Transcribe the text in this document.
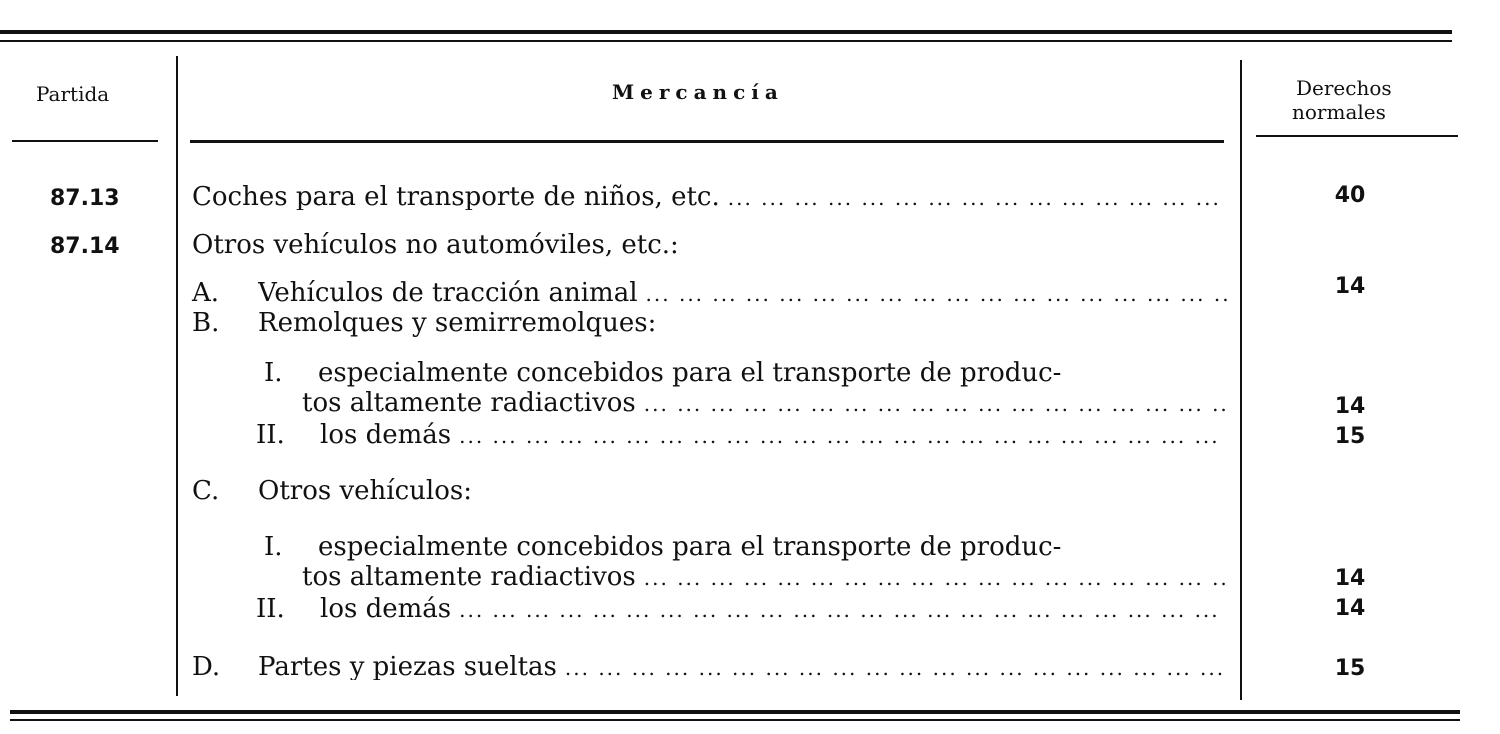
Partida	Mercancía	Derechos
normales
87.13	Coches para el transporte de niños, etc. ... .	40
87.14	Otros vehículos no automóviles, etc.:
A. Vehículos de tracción animal ... .	14
B. Remolques y semirremolques:
I. especialmente concebidos para el transporte de produc-
tos altamente radiactivos ... .	14
II. los demás ... .	15
C. Otros vehículos:
I. especialmente concebidos para el transporte de produc-
tos altamente radiactivos ... .	14
II. los demás ... .	14
D. Partes y piezas sueltas ... .	15
